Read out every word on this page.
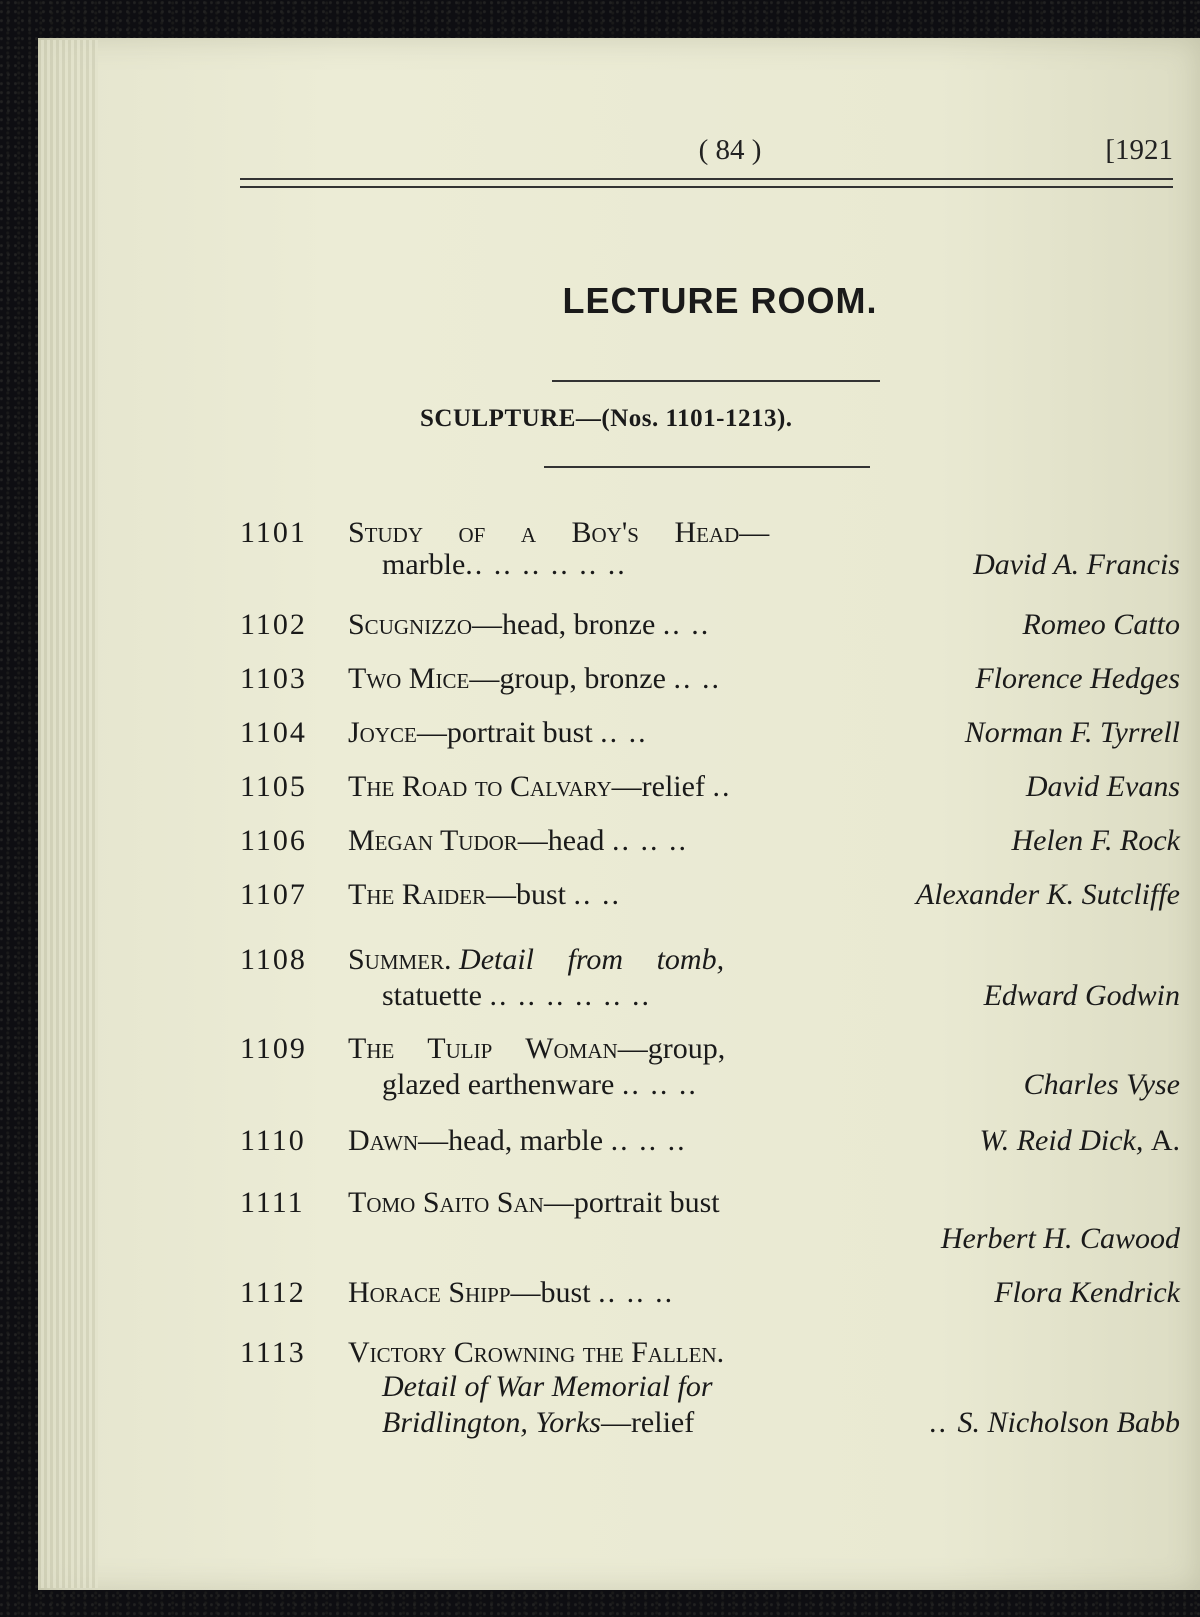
( 84 )	[1921
LECTURE ROOM.
SCULPTURE—(Nos. 1101-1213).
1101 Study of a Boy's Head—
marble.. .. .. .. .. ..	David A. Francis
1102 Scugnizzo—head, bronze .. ..	Romeo Catto
1103 Two Mice—group, bronze .. ..	Florence Hedges
1104 Joyce—portrait bust .. ..	Norman F. Tyrrell
1105 The Road to Calvary—relief ..	David Evans
1106 Megan Tudor—head .. .. ..	Helen F. Rock
1107 The Raider—bust .. ..	Alexander K. Sutcliffe
1108 Summer. Detail from tomb,
statuette .. .. .. .. .. ..	Edward Godwin
1109 The Tulip Woman—group,
glazed earthenware .. .. ..	Charles Vyse
1110 Dawn—head, marble .. .. ..	W. Reid Dick, A.
1111 Tomo Saito San—portrait bust
Herbert H. Cawood
1112 Horace Shipp—bust .. .. ..	Flora Kendrick
1113 Victory Crowning the Fallen.
Detail of War Memorial for
Bridlington, Yorks—relief	.. S. Nicholson Babb
